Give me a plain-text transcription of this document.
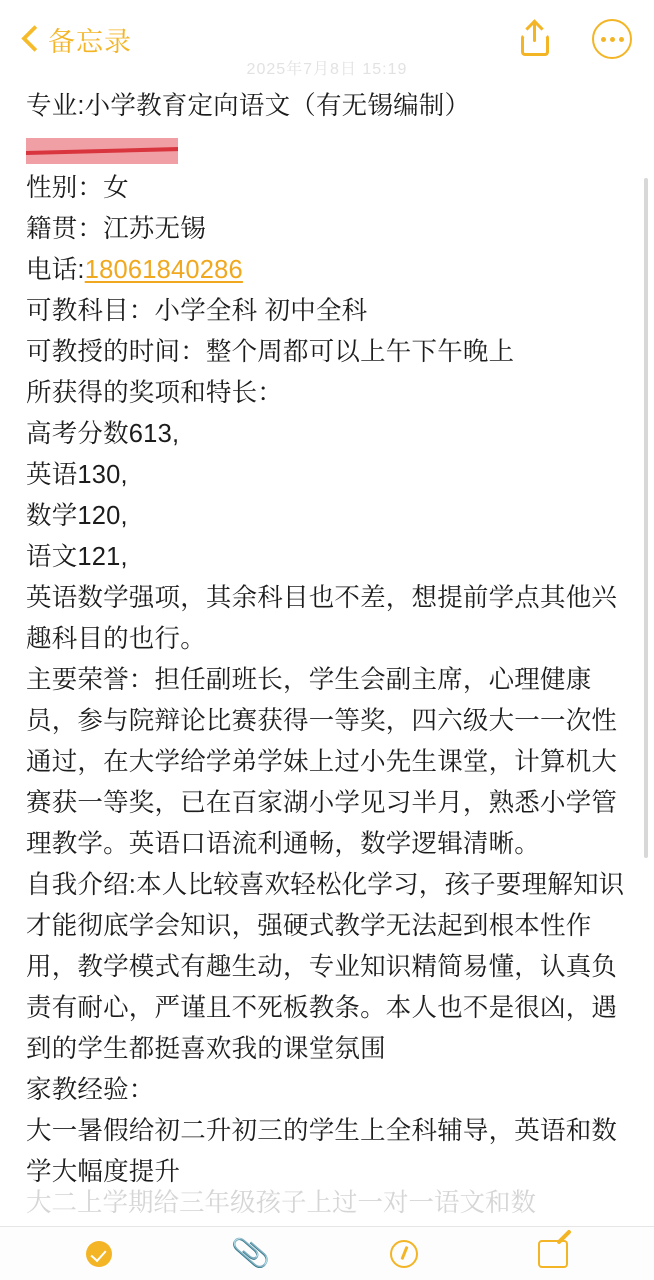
备忘录
2025年7月8日 15:19

专业:小学教育定向语文（有无锡编制）

性别：女

籍贯：江苏无锡

电话:18061840286

可教科目：小学全科 初中全科

可教授的时间：整个周都可以上午下午晚上

所获得的奖项和特长：

高考分数613,

英语130,

数学120,

语文121,

英语数学强项，其余科目也不差，想提前学点其他兴趣科目的也行。

主要荣誉：担任副班长，学生会副主席，心理健康员，参与院辩论比赛获得一等奖，四六级大一一次性通过，在大学给学弟学妹上过小先生课堂，计算机大赛获一等奖，已在百家湖小学见习半月，熟悉小学管理教学。英语口语流利通畅，数学逻辑清晰。

自我介绍:本人比较喜欢轻松化学习，孩子要理解知识才能彻底学会知识，强硬式教学无法起到根本性作用，教学模式有趣生动，专业知识精简易懂，认真负责有耐心，严谨且不死板教条。本人也不是很凶，遇到的学生都挺喜欢我的课堂氛围

家教经验：

大一暑假给初二升初三的学生上全科辅导，英语和数学大幅度提升

大二上学期给三年级孩子上过一对一语文和数
📎
